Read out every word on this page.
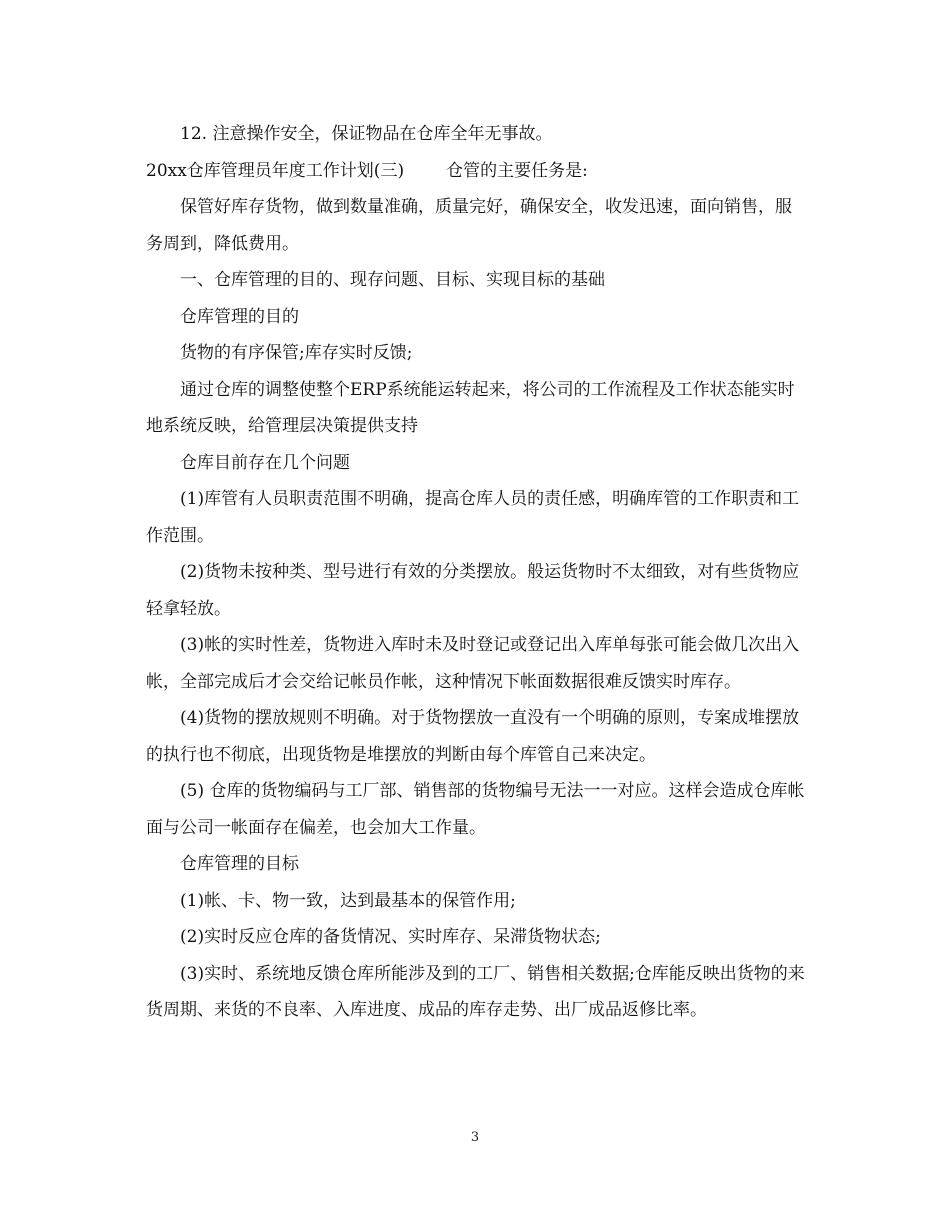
12. 注意操作安全，保证物品在仓库全年无事故。

20xx仓库管理员年度工作计划(三) 仓管的主要任务是:

保管好库存货物，做到数量准确，质量完好，确保安全，收发迅速，面向销售，服务周到，降低费用。

一、仓库管理的目的、现存问题、目标、实现目标的基础

仓库管理的目的

货物的有序保管;库存实时反馈;

通过仓库的调整使整个ERP系统能运转起来，将公司的工作流程及工作状态能实时地系统反映，给管理层决策提供支持

仓库目前存在几个问题

(1)库管有人员职责范围不明确，提高仓库人员的责任感，明确库管的工作职责和工作范围。

(2)货物未按种类、型号进行有效的分类摆放。般运货物时不太细致，对有些货物应轻拿轻放。

(3)帐的实时性差，货物进入库时未及时登记或登记出入库单每张可能会做几次出入帐，全部完成后才会交给记帐员作帐，这种情况下帐面数据很难反馈实时库存。

(4)货物的摆放规则不明确。对于货物摆放一直没有一个明确的原则，专案成堆摆放的执行也不彻底，出现货物是堆摆放的判断由每个库管自己来决定。

(5) 仓库的货物编码与工厂部、销售部的货物编号无法一一对应。这样会造成仓库帐面与公司一帐面存在偏差，也会加大工作量。

仓库管理的目标

(1)帐、卡、物一致，达到最基本的保管作用;

(2)实时反应仓库的备货情况、实时库存、呆滞货物状态;

(3)实时、系统地反馈仓库所能涉及到的工厂、销售相关数据;仓库能反映出货物的来货周期、来货的不良率、入库进度、成品的库存走势、出厂成品返修比率。

3
